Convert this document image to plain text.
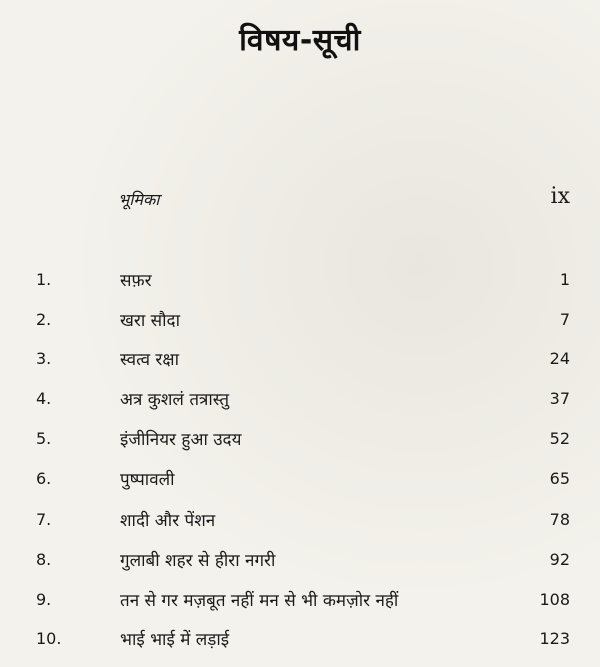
विषय-सूची
भूमिका	ix
1.	सफ़र	1
2.	खरा सौदा	7
3.	स्वत्व रक्षा	24
4.	अत्र कुशलं तत्रास्तु	37
5.	इंजीनियर हुआ उदय	52
6.	पुष्पावली	65
7.	शादी और पेंशन	78
8.	गुलाबी शहर से हीरा नगरी	92
9.	तन से गर मज़बूत नहीं मन से भी कमज़ोर नहीं	108
10.	भाई भाई में लड़ाई	123
